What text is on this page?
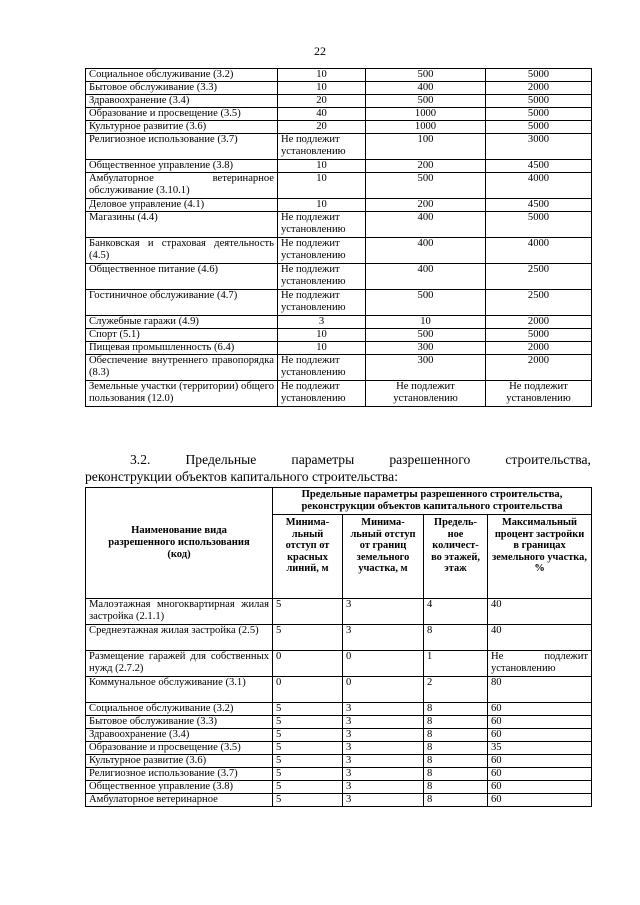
22
Социальное обслуживание (3.2)	10	500	5000
Бытовое обслуживание (3.3)	10	400	2000
Здравоохранение (3.4)	20	500	5000
Образование и просвещение (3.5)	40	1000	5000
Культурное развитие (3.6)	20	1000	5000
Религиозное использование (3.7)	Не подлежит установлению	100	3000
Общественное управление (3.8)	10	200	4500
Амбулаторное ветеринарное обслуживание (3.10.1)	10	500	4000
Деловое управление (4.1)	10	200	4500
Магазины (4.4)	Не подлежит установлению	400	5000
Банковская и страховая деятельность (4.5)	Не подлежит установлению	400	4000
Общественное питание (4.6)	Не подлежит установлению	400	2500
Гостиничное обслуживание (4.7)	Не подлежит установлению	500	2500
Служебные гаражи (4.9)	3	10	2000
Спорт (5.1)	10	500	5000
Пищевая промышленность (6.4)	10	300	2000
Обеспечение внутреннего правопорядка (8.3)	Не подлежит установлению	300	2000
Земельные участки (территории) общего пользования (12.0)	Не подлежит установлению	Не подлежит установлению	Не подлежит установлению
3.2.	Предельные	параметры	разрешенного	строительства,
реконструкции объектов капитального строительства:
Наименование вида разрешенного использования (код)	Предельные параметры разрешенного строительства, реконструкции объектов капитального строительства			
	Минима-льный отступ от красных линий, м	Минима-льный отступ от границ земельного участка, м	Предель-ное количест-во этажей, этаж	Максимальный процент застройки в границах земельного участка, %
Малоэтажная многоквартирная жилая застройка (2.1.1)	5	3	4	40
Среднеэтажная жилая застройка (2.5)	5	3	8	40
Размещение гаражей для собственных нужд (2.7.2)	0	0	1	Не подлежит установлению
Коммунальное обслуживание (3.1)	0	0	2	80
Социальное обслуживание (3.2)	5	3	8	60
Бытовое обслуживание (3.3)	5	3	8	60
Здравоохранение (3.4)	5	3	8	60
Образование и просвещение (3.5)	5	3	8	35
Культурное развитие (3.6)	5	3	8	60
Религиозное использование (3.7)	5	3	8	60
Общественное управление (3.8)	5	3	8	60
Амбулаторное ветеринарное	5	3	8	60
